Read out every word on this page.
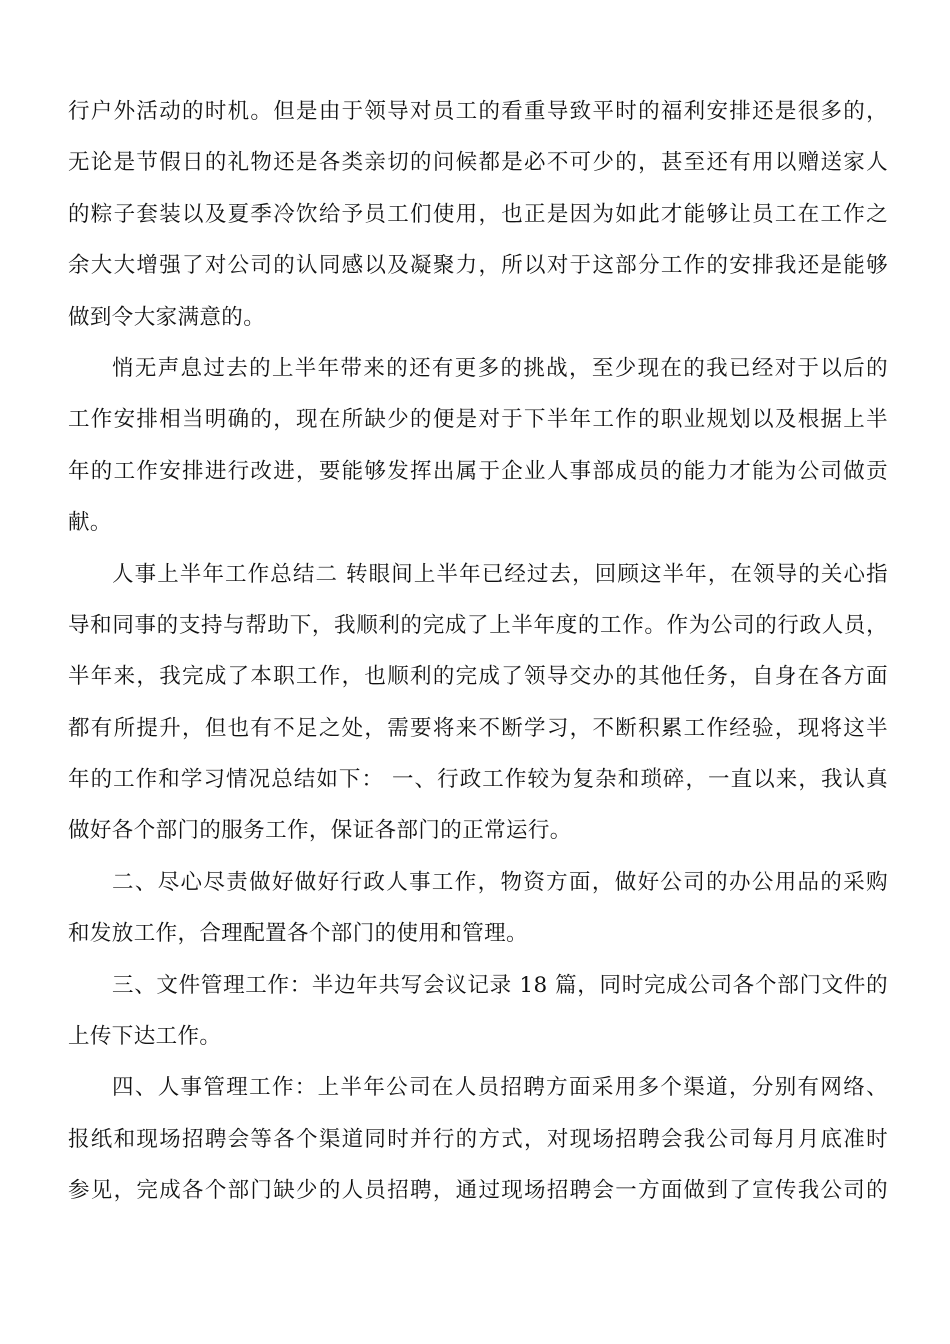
行户外活动的时机。但是由于领导对员工的看重导致平时的福利安排还是很多的，
无论是节假日的礼物还是各类亲切的问候都是必不可少的，甚至还有用以赠送家人
的粽子套装以及夏季冷饮给予员工们使用，也正是因为如此才能够让员工在工作之
余大大增强了对公司的认同感以及凝聚力，所以对于这部分工作的安排我还是能够
做到令大家满意的。
悄无声息过去的上半年带来的还有更多的挑战，至少现在的我已经对于以后的
工作安排相当明确的，现在所缺少的便是对于下半年工作的职业规划以及根据上半
年的工作安排进行改进，要能够发挥出属于企业人事部成员的能力才能为公司做贡
献。
人事上半年工作总结二 转眼间上半年已经过去，回顾这半年，在领导的关心指
导和同事的支持与帮助下，我顺利的完成了上半年度的工作。作为公司的行政人员，
半年来，我完成了本职工作，也顺利的完成了领导交办的其他任务，自身在各方面
都有所提升，但也有不足之处，需要将来不断学习，不断积累工作经验，现将这半
年的工作和学习情况总结如下： 一、行政工作较为复杂和琐碎，一直以来，我认真
做好各个部门的服务工作，保证各部门的正常运行。
二、尽心尽责做好做好行政人事工作，物资方面，做好公司的办公用品的采购
和发放工作，合理配置各个部门的使用和管理。
三、文件管理工作：半边年共写会议记录 18 篇，同时完成公司各个部门文件的
上传下达工作。
四、人事管理工作：上半年公司在人员招聘方面采用多个渠道，分别有网络、
报纸和现场招聘会等各个渠道同时并行的方式，对现场招聘会我公司每月月底准时
参见，完成各个部门缺少的人员招聘，通过现场招聘会一方面做到了宣传我公司的
